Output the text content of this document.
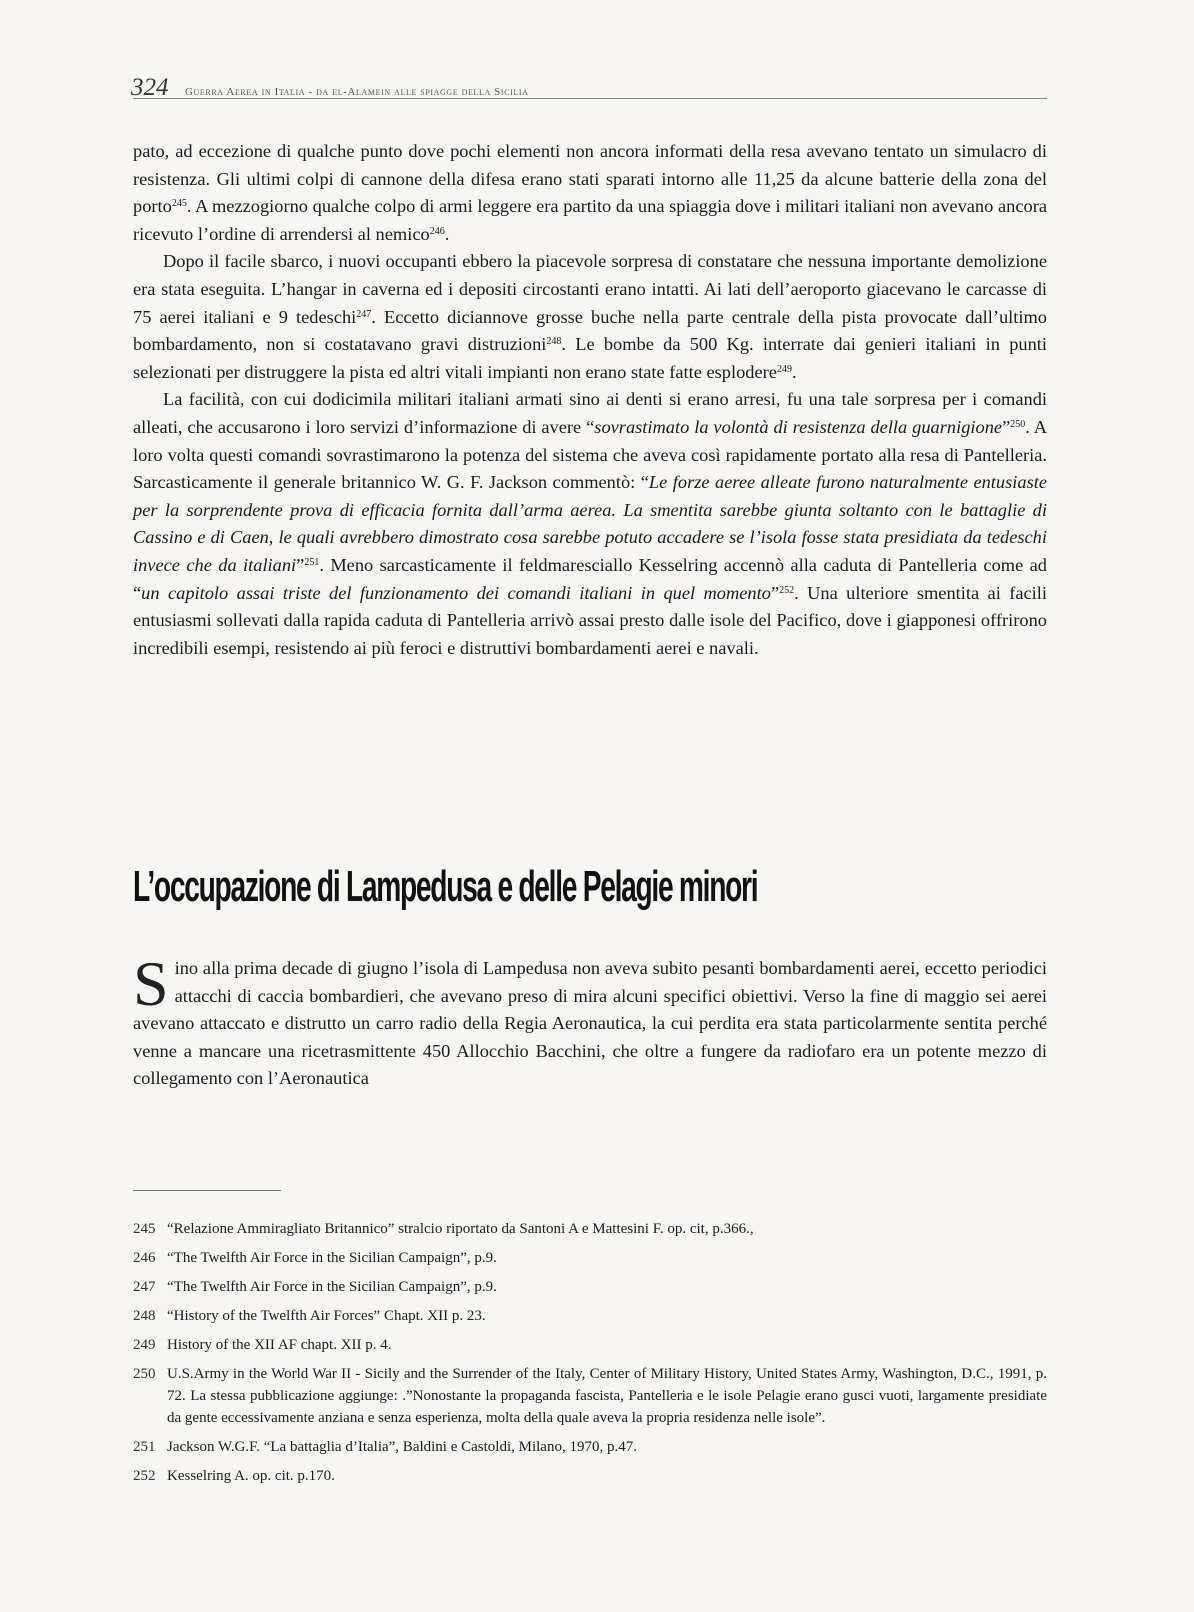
324 Guerra Aerea in Italia - da el-Alamein alle spiagge della Sicilia

pato, ad eccezione di qualche punto dove pochi elementi non ancora informati della resa avevano tentato un simulacro di resistenza. Gli ultimi colpi di cannone della difesa erano stati sparati intorno alle 11,25 da alcune batterie della zona del porto$^{245}$. A mezzogiorno qualche colpo di armi leggere era partito da una spiaggia dove i militari italiani non avevano ancora ricevuto l’ordine di arrendersi al nemico$^{246}$.

Dopo il facile sbarco, i nuovi occupanti ebbero la piacevole sorpresa di constatare che nessuna importante demolizione era stata eseguita. L’hangar in caverna ed i depositi circostanti erano intatti. Ai lati dell’aeroporto giacevano le carcasse di 75 aerei italiani e 9 tedeschi$^{247}$. Eccetto diciannove grosse buche nella parte centrale della pista provocate dall’ultimo bombardamento, non si costatavano gravi distruzioni$^{248}$. Le bombe da 500 Kg. interrate dai genieri italiani in punti selezionati per distruggere la pista ed altri vitali impianti non erano state fatte esplodere$^{249}$.

La facilità, con cui dodicimila militari italiani armati sino ai denti si erano arresi, fu una tale sorpresa per i comandi alleati, che accusarono i loro servizi d’informazione di avere “sovrastimato la volontà di resistenza della guarnigione”$^{250}$. A loro volta questi comandi sovrastimarono la potenza del sistema che aveva così rapidamente portato alla resa di Pantelleria. Sarcasticamente il generale britannico W. G. F. Jackson commentò: “Le forze aeree alleate furono naturalmente entusiaste per la sorprendente prova di efficacia fornita dall’arma aerea. La smentita sarebbe giunta soltanto con le battaglie di Cassino e di Caen, le quali avrebbero dimostrato cosa sarebbe potuto accadere se l’isola fosse stata presidiata da tedeschi invece che da italiani”$^{251}$. Meno sarcasticamente il feldmaresciallo Kesselring accennò alla caduta di Pantelleria come ad “un capitolo assai triste del funzionamento dei comandi italiani in quel momento”$^{252}$. Una ulteriore smentita ai facili entusiasmi sollevati dalla rapida caduta di Pantelleria arrivò assai presto dalle isole del Pacifico, dove i giapponesi offrirono incredibili esempi, resistendo ai più feroci e distruttivi bombardamenti aerei e navali.

L’occupazione di Lampedusa e delle Pelagie minori
Sino alla prima decade di giugno l’isola di Lampedusa non aveva subito pesanti bombardamenti aerei, eccetto periodici attacchi di caccia bombardieri, che avevano preso di mira alcuni specifici obiettivi. Verso la fine di maggio sei aerei avevano attaccato e distrutto un carro radio della Regia Aeronautica, la cui perdita era stata particolarmente sentita perché venne a mancare una ricetrasmittente 450 Allocchio Bacchini, che oltre a fungere da radiofaro era un potente mezzo di collegamento con l’Aeronautica
245 “Relazione Ammiragliato Britannico” stralcio riportato da Santoni A e Mattesini F. op. cit, p.366.,
246 “The Twelfth Air Force in the Sicilian Campaign”, p.9.
247 “The Twelfth Air Force in the Sicilian Campaign”, p.9.
248 “History of the Twelfth Air Forces” Chapt. XII p. 23.
249 History of the XII AF chapt. XII p. 4.
250 U.S.Army in the World War II - Sicily and the Surrender of the Italy, Center of Military History, United States Army, Washington, D.C., 1991, p. 72. La stessa pubblicazione aggiunge: .”Nonostante la propaganda fascista, Pantelleria e le isole Pelagie erano gusci vuoti, largamente presidiate da gente eccessivamente anziana e senza esperienza, molta della quale aveva la propria residenza nelle isole”.
251 Jackson W.G.F. “La battaglia d’Italia”, Baldini e Castoldi, Milano, 1970, p.47.
252 Kesselring A. op. cit. p.170.
